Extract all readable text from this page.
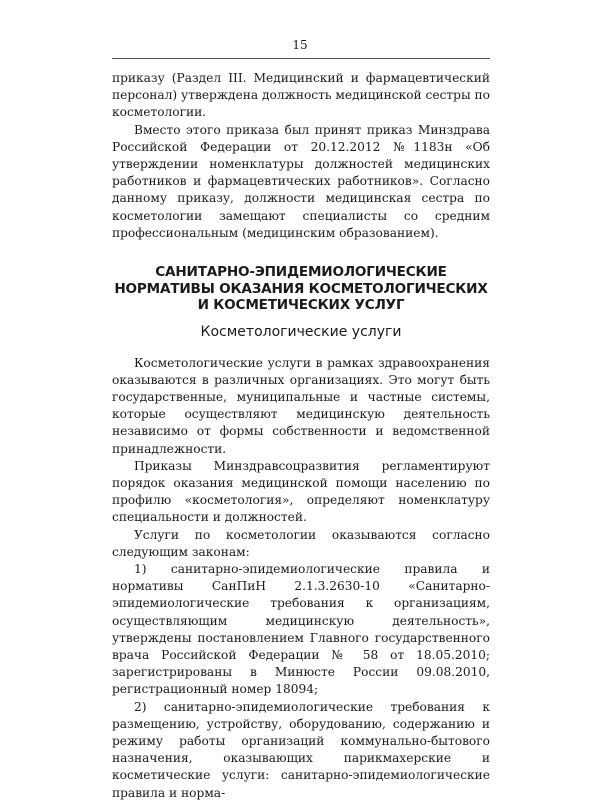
15

приказу (Раздел III. Медицинский и фармацевтический персонал) утверждена должность медицинской сестры по косметологии.

Вместо этого приказа был принят приказ Минздрава Российской Федерации от 20.12.2012 №1183н «Об утверждении номенклатуры должностей медицинских работников и фармацевтических работников». Согласно данному приказу, должности медицинская сестра по косметологии замещают специалисты со средним профессиональным (медицинским образованием).

САНИТАРНО-ЭПИДЕМИОЛОГИЧЕСКИЕ НОРМАТИВЫ ОКАЗАНИЯ КОСМЕТОЛОГИЧЕСКИХ И КОСМЕТИЧЕСКИХ УСЛУГ
Косметологические услуги

Косметологические услуги в рамках здравоохранения оказываются в различных организациях. Это могут быть государственные, муниципальные и частные системы, которые осуществляют медицинскую деятельность независимо от формы собственности и ведомственной принадлежности.

Приказы Минздравсоцразвития регламентируют порядок оказания медицинской помощи населению по профилю «косметология», определяют номенклатуру специальности и должностей.

Услуги по косметологии оказываются согласно следующим законам:

1) санитарно-эпидемиологические правила и нормативы СанПиН 2.1.3.2630-10 «Санитарно-эпидемиологические требования к организациям, осуществляющим медицинскую деятельность», утверждены постановлением Главного государственного врача Российской Федерации № 58 от 18.05.2010; зарегистрированы в Минюсте России 09.08.2010, регистрационный номер 18094;

2) санитарно-эпидемиологические требования к размещению, устройству, оборудованию, содержанию и режиму работы организаций коммунально-бытового назначения, оказывающих парикмахерские и косметические услуги: санитарно-эпидемиологические правила и норма-
